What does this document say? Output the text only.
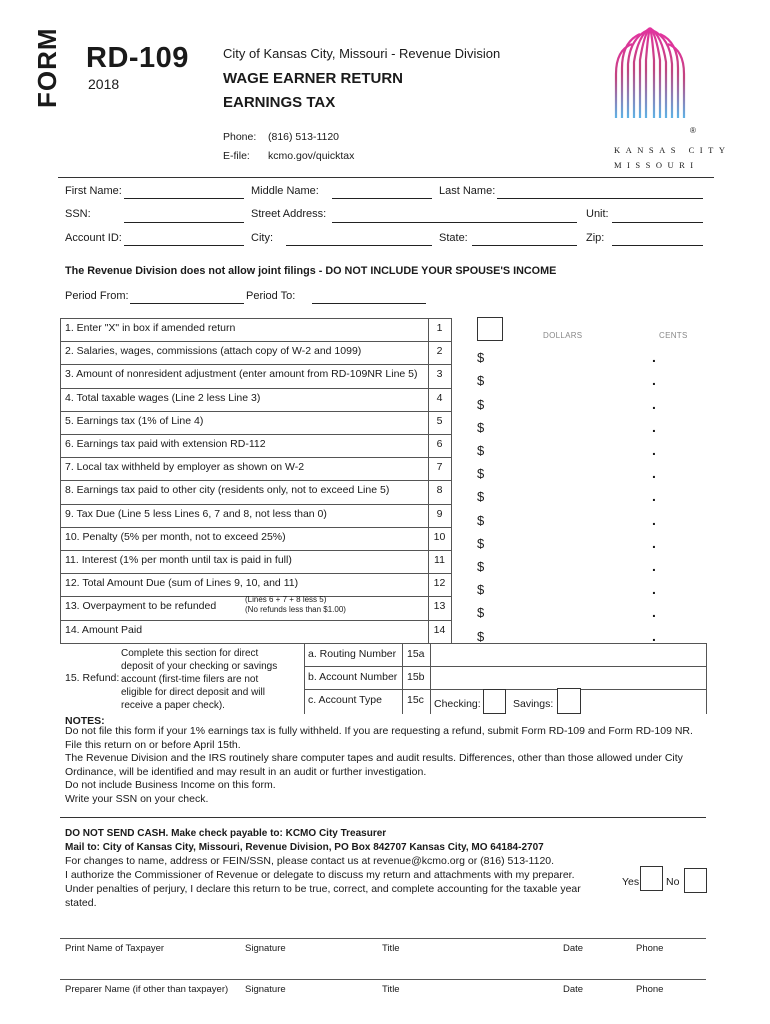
FORM RD-109
2018
City of Kansas City, Missouri - Revenue Division
WAGE EARNER RETURN
EARNINGS TAX
Phone: (816) 513-1120
E-file: kcmo.gov/quicktax
®
KANSAS CITY
MISSOURI
First Name:	Middle Name:	Last Name:
SSN:	Street Address:	Unit:
Account ID:	City:	State:	Zip:
The Revenue Division does not allow joint filings - DO NOT INCLUDE YOUR SPOUSE'S INCOME
Period From:	Period To:
DOLLARS	CENTS
1. Enter "X" in box if amended return	1
2. Salaries, wages, commissions (attach copy of W-2 and 1099)	2	$	.
3. Amount of nonresident adjustment (enter amount from RD-109NR Line 5)	3	$	.
4. Total taxable wages (Line 2 less Line 3)	4	$	.
5. Earnings tax (1% of Line 4)	5	$	.
6. Earnings tax paid with extension RD-112	6	$	.
7. Local tax withheld by employer as shown on W-2	7	$	.
8. Earnings tax paid to other city (residents only, not to exceed Line 5)	8	$	.
9. Tax Due (Line 5 less Lines 6, 7 and 8, not less than 0)	9	$	.
10. Penalty (5% per month, not to exceed 25%)	10	$	.
11. Interest (1% per month until tax is paid in full)	11	$	.
12. Total Amount Due (sum of Lines 9, 10, and 11)	12	$	.
13. Overpayment to be refunded
(Lines 6 + 7 + 8 less 5)
(No refunds less than $1.00)	13	$	.
14. Amount Paid	14	$	.
Complete this section for direct
deposit of your checking or savings
account (first-time filers are not
eligible for direct deposit and will
receive a paper check).
15. Refund:
a. Routing Number 15a
b. Account Number 15b
c. Account Type 15c Checking:	Savings:
NOTES:
Do not file this form if your 1% earnings tax is fully withheld. If you are requesting a refund, submit Form RD-109 and Form RD-109 NR.
File this return on or before April 15th.
The Revenue Division and the IRS routinely share computer tapes and audit results. Differences, other than those allowed under City
Ordinance, will be identified and may result in an audit or further investigation.
Do not include Business Income on this form.
Write your SSN on your check.
DO NOT SEND CASH. Make check payable to: KCMO City Treasurer
Mail to: City of Kansas City, Missouri, Revenue Division, PO Box 842707 Kansas City, MO 64184-2707
For changes to name, address or FEIN/SSN, please contact us at revenue@kcmo.org or (816) 513-1120.
I authorize the Commissioner of Revenue or delegate to discuss my return and attachments with my preparer.
Under penalties of perjury, I declare this return to be true, correct, and complete accounting for the taxable year
stated.
Yes	No
Print Name of Taxpayer	Signature	Title	Date	Phone
Preparer Name (if other than taxpayer) Signature	Title	Date	Phone
